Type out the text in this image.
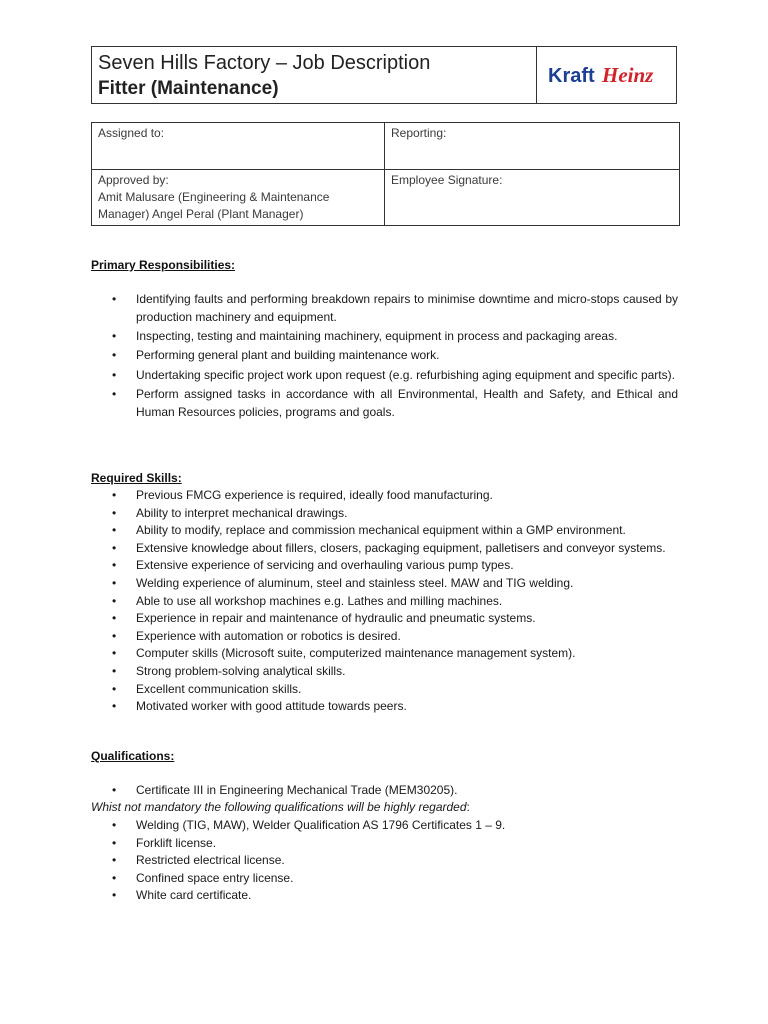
Seven Hills Factory – Job Description
Fitter (Maintenance)
Kraft Heinz
Assigned to:	Reporting:

Approved by:
Amit Malusare (Engineering & Maintenance
Manager) Angel Peral (Plant Manager)	Employee Signature:
Primary Responsibilities:
• Identifying faults and performing breakdown repairs to minimise downtime and micro-stops caused by production machinery and equipment.
• Inspecting, testing and maintaining machinery, equipment in process and packaging areas.
• Performing general plant and building maintenance work.
• Undertaking specific project work upon request (e.g. refurbishing aging equipment and specific parts).
• Perform assigned tasks in accordance with all Environmental, Health and Safety, and Ethical and Human Resources policies, programs and goals.
Required Skills:
• Previous FMCG experience is required, ideally food manufacturing.
• Ability to interpret mechanical drawings.
• Ability to modify, replace and commission mechanical equipment within a GMP environment.
• Extensive knowledge about fillers, closers, packaging equipment, palletisers and conveyor systems.
• Extensive experience of servicing and overhauling various pump types.
• Welding experience of aluminum, steel and stainless steel. MAW and TIG welding.
• Able to use all workshop machines e.g. Lathes and milling machines.
• Experience in repair and maintenance of hydraulic and pneumatic systems.
• Experience with automation or robotics is desired.
• Computer skills (Microsoft suite, computerized maintenance management system).
• Strong problem-solving analytical skills.
• Excellent communication skills.
• Motivated worker with good attitude towards peers.
Qualifications:
• Certificate III in Engineering Mechanical Trade (MEM30205).
Whist not mandatory the following qualifications will be highly regarded:
• Welding (TIG, MAW), Welder Qualification AS 1796 Certificates 1 – 9.
• Forklift license.
• Restricted electrical license.
• Confined space entry license.
• White card certificate.
